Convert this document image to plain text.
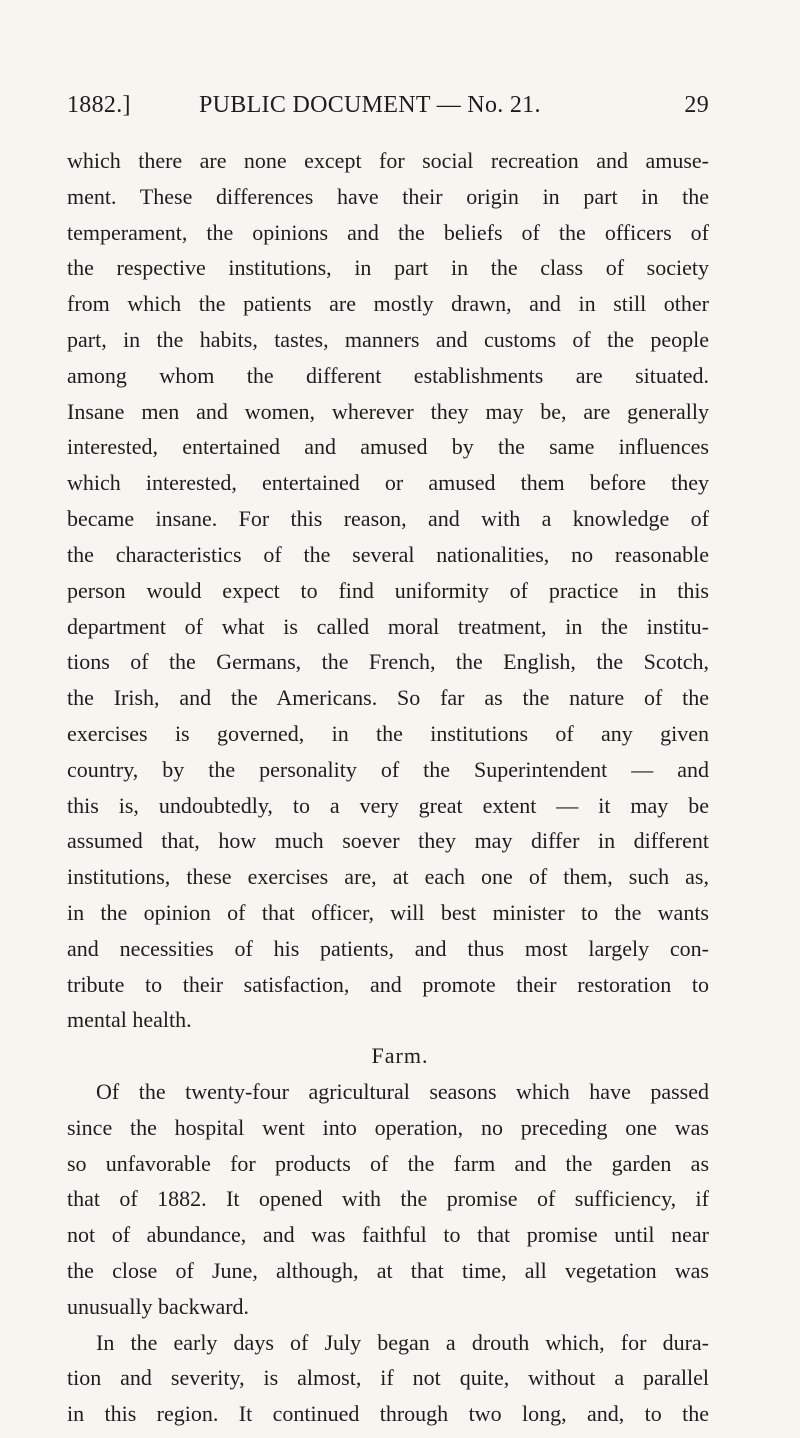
1882.]	PUBLIC DOCUMENT — No. 21.	29
which there are none except for social recreation and amuse-
ment. These differences have their origin in part in the
temperament, the opinions and the beliefs of the officers of
the respective institutions, in part in the class of society
from which the patients are mostly drawn, and in still other
part, in the habits, tastes, manners and customs of the people
among whom the different establishments are situated.
Insane men and women, wherever they may be, are generally
interested, entertained and amused by the same influences
which interested, entertained or amused them before they
became insane. For this reason, and with a knowledge of
the characteristics of the several nationalities, no reasonable
person would expect to find uniformity of practice in this
department of what is called moral treatment, in the institu-
tions of the Germans, the French, the English, the Scotch,
the Irish, and the Americans. So far as the nature of the
exercises is governed, in the institutions of any given
country, by the personality of the Superintendent — and
this is, undoubtedly, to a very great extent — it may be
assumed that, how much soever they may differ in different
institutions, these exercises are, at each one of them, such as,
in the opinion of that officer, will best minister to the wants
and necessities of his patients, and thus most largely con-
tribute to their satisfaction, and promote their restoration to
mental health.
Farm.
Of the twenty-four agricultural seasons which have passed
since the hospital went into operation, no preceding one was
so unfavorable for products of the farm and the garden as
that of 1882. It opened with the promise of sufficiency, if
not of abundance, and was faithful to that promise until near
the close of June, although, at that time, all vegetation was
unusually backward.
In the early days of July began a drouth which, for dura-
tion and severity, is almost, if not quite, without a parallel
in this region. It continued through two long, and, to the
